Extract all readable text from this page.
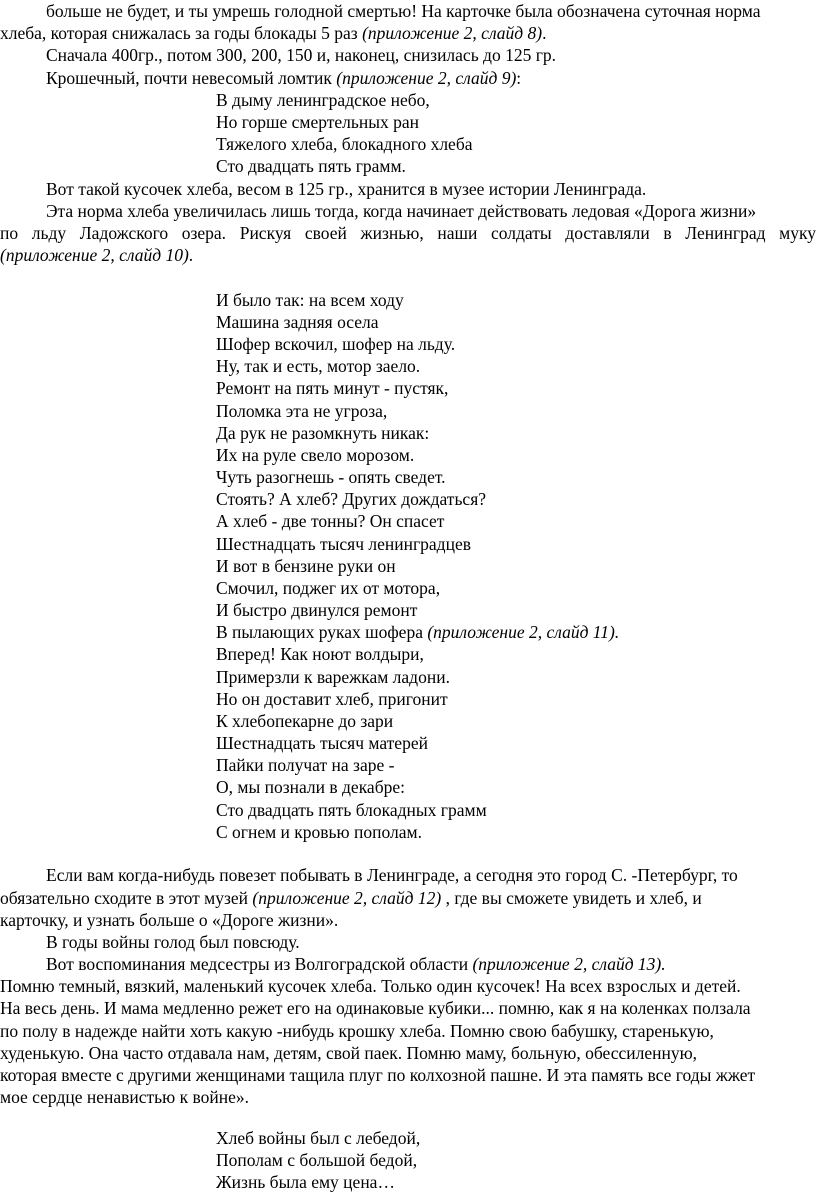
больше не будет, и ты умрешь голодной смертью! На карточке была обозначена суточная норма
хлеба, которая снижалась за годы блокады 5 раз (приложение 2, слайд 8).
Сначала 400гр., потом 300, 200, 150 и, наконец, снизилась до 125 гр.
Крошечный, почти невесомый ломтик (приложение 2, слайд 9):
В дыму ленинградское небо,
Но горше смертельных ран
Тяжелого хлеба, блокадного хлеба
Сто двадцать пять грамм.
Вот такой кусочек хлеба, весом в 125 гр., хранится в музее истории Ленинграда.
Эта норма хлеба увеличилась лишь тогда, когда начинает действовать ледовая «Дорога жизни»
по льду Ладожского озера. Рискуя своей жизнью, наши солдаты доставляли в Ленинград муку
(приложение 2, слайд 10).
И было так: на всем ходу
Машина задняя осела
Шофер вскочил, шофер на льду.
Ну, так и есть, мотор заело.
Ремонт на пять минут - пустяк,
Поломка эта не угроза,
Да рук не разомкнуть никак:
Их на руле свело морозом.
Чуть разогнешь - опять сведет.
Стоять? А хлеб? Других дождаться?
А хлеб - две тонны? Он спасет
Шестнадцать тысяч ленинградцев
И вот в бензине руки он
Смочил, поджег их от мотора,
И быстро двинулся ремонт
В пылающих руках шофера (приложение 2, слайд 11).
Вперед! Как ноют волдыри,
Примерзли к варежкам ладони.
Но он доставит хлеб, пригонит
К хлебопекарне до зари
Шестнадцать тысяч матерей
Пайки получат на заре -
О, мы познали в декабре:
Сто двадцать пять блокадных грамм
С огнем и кровью пополам.
Если вам когда-нибудь повезет побывать в Ленинграде, а сегодня это город С. -Петербург, то
обязательно сходите в этот музей (приложение 2, слайд 12) , где вы сможете увидеть и хлеб, и
карточку, и узнать больше о «Дороге жизни».
В годы войны голод был повсюду.
Вот воспоминания медсестры из Волгоградской области (приложение 2, слайд 13).
Помню темный, вязкий, маленький кусочек хлеба. Только один кусочек! На всех взрослых и детей.
На весь день. И мама медленно режет его на одинаковые кубики... помню, как я на коленках ползала
по полу в надежде найти хоть какую -нибудь крошку хлеба. Помню свою бабушку, старенькую,
худенькую. Она часто отдавала нам, детям, свой паек. Помню маму, больную, обессиленную,
которая вместе с другими женщинами тащила плуг по колхозной пашне. И эта память все годы жжет
мое сердце ненавистью к войне».
Хлеб войны был с лебедой,
Пополам с большой бедой,
Жизнь была ему цена…
